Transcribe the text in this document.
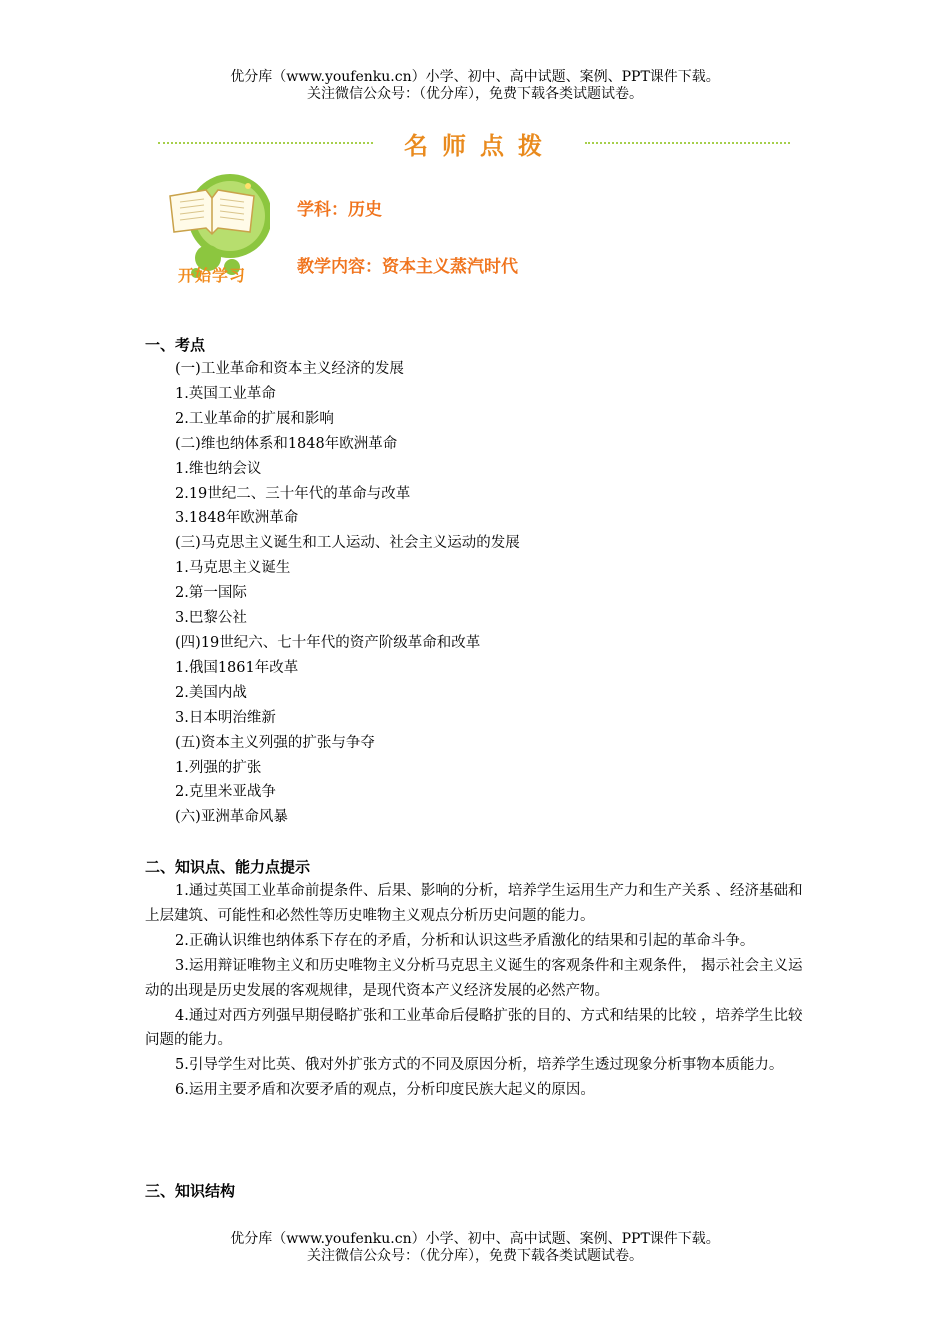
优分库（www.youfenku.cn）小学、初中、高中试题、案例、PPT课件下载。
关注微信公众号：（优分库），免费下载各类试题试卷。
名师点拨
开始学习
学科：历史
教学内容：资本主义蒸汽时代
一、考点
(一)工业革命和资本主义经济的发展
1.英国工业革命
2.工业革命的扩展和影响
(二)维也纳体系和1848年欧洲革命
1.维也纳会议
2.19世纪二、三十年代的革命与改革
3.1848年欧洲革命
(三)马克思主义诞生和工人运动、社会主义运动的发展
1.马克思主义诞生
2.第一国际
3.巴黎公社
(四)19世纪六、七十年代的资产阶级革命和改革
1.俄国1861年改革
2.美国内战
3.日本明治维新
(五)资本主义列强的扩张与争夺
1.列强的扩张
2.克里米亚战争
(六)亚洲革命风暴
二、知识点、能力点提示

1.通过英国工业革命前提条件、后果、影响的分析，培养学生运用生产力和生产关系 、经济基础和上层建筑、可能性和必然性等历史唯物主义观点分析历史问题的能力。

2.正确认识维也纳体系下存在的矛盾，分析和认识这些矛盾激化的结果和引起的革命斗争。

3.运用辩证唯物主义和历史唯物主义分析马克思主义诞生的客观条件和主观条件， 揭示社会主义运动的出现是历史发展的客观规律，是现代资本产义经济发展的必然产物。

4.通过对西方列强早期侵略扩张和工业革命后侵略扩张的目的、方式和结果的比较 ，培养学生比较问题的能力。

5.引导学生对比英、俄对外扩张方式的不同及原因分析，培养学生透过现象分析事物本质能力。

6.运用主要矛盾和次要矛盾的观点，分析印度民族大起义的原因。

三、知识结构
优分库（www.youfenku.cn）小学、初中、高中试题、案例、PPT课件下载。
关注微信公众号：（优分库），免费下载各类试题试卷。
